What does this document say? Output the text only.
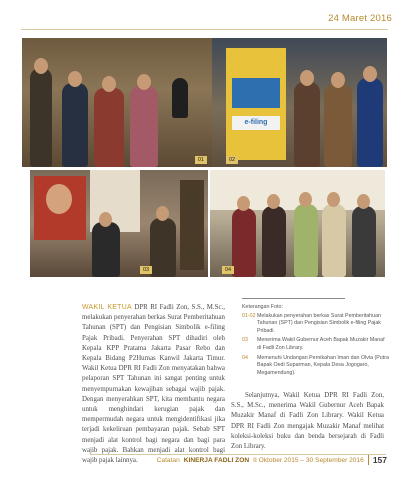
24 Maret 2016
01
e-filing
02
03	04
WAKIL KETUA DPR RI Fadli Zon, S.S., M.Sc., melakukan penyerahan berkas Surat Pemberitahuan Tahunan (SPT) dan Pengisian Simbolik e-filing Pajak Pribadi. Penyerahan SPT dihadiri oleh Kepala KPP Pratama Jakarta Pasar Rebo dan Kepala Bidang P2Humas Kanwil Jakarta Timur. Wakil Ketua DPR RI Fadli Zon menyatakan bahwa pelaporan SPT Tahunan ini sangat penting untuk menyempurnakan kewajiban sebagai wajib pajak. Dengan menyerahkan SPT, kita membantu negara untuk menghindari kerugian pajak dan mempermudah negara untuk mengidentifikasi jika terjadi kekeliruan pembayaran pajak. Sebab SPT menjadi alat kontrol bagi negara dan bagi para wajib pajak. Bahkan menjadi alat kontrol bagi wajib pajak lainnya.
Keterangan Foto:
01-02 Melakukan penyerahan berkas Surat Pemberitahuan Tahunan (SPT) dan Pengisian Simbolik e-filing Pajak Pribadi.
03	Menerima Wakil Gubernur Aceh Bapak Muzakir Manaf di Fadli Zon Library.
04	Memenuhi Undangan Pernikahan Iman dan Olvia (Putra Bapak Oedi Suparman, Kepala Desa Jogogaro, Megamendung).
Selanjutnya, Wakil Ketua DPR RI Fadli Zon, S.S., M.Sc., menerima Wakil Gubernur Aceh Bapak Muzakir Manaf di Fadli Zon Library. Wakil Ketua DPR RI Fadli Zon mengajak Muzakir Manaf melihat koleksi-koleksi buku dan benda bersejarah di Fadli Zon Library.
Catatan KINERJA FADLI ZON II Oktober 2015 – 30 September 2016	157
